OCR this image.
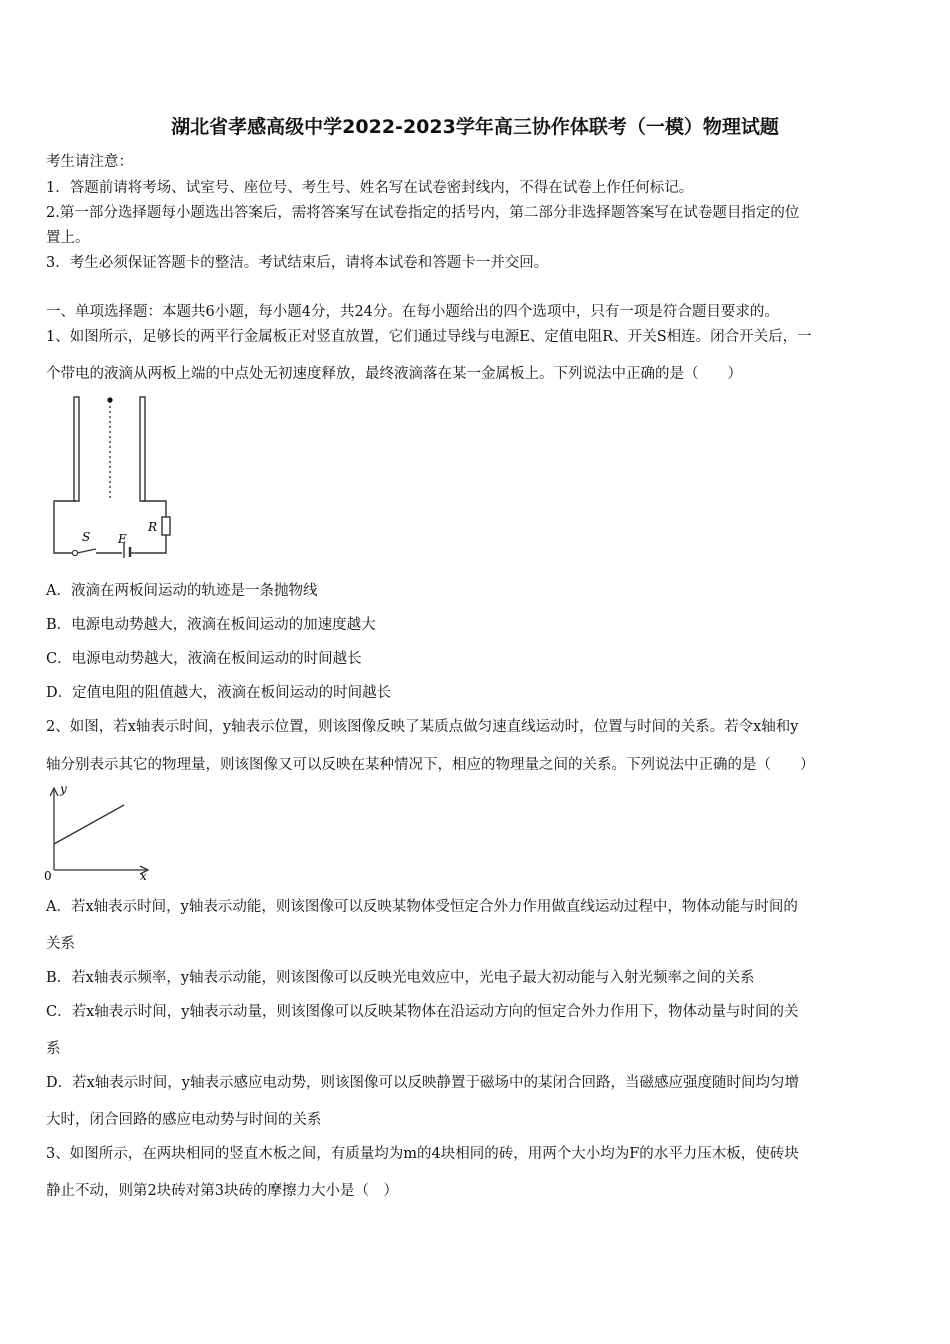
湖北省孝感高级中学2022-2023学年高三协作体联考（一模）物理试题
考生请注意：
1．答题前请将考场、试室号、座位号、考生号、姓名写在试卷密封线内，不得在试卷上作任何标记。
2.第一部分选择题每小题选出答案后，需将答案写在试卷指定的括号内，第二部分非选择题答案写在试卷题目指定的位
置上。
3．考生必须保证答题卡的整洁。考试结束后，请将本试卷和答题卡一并交回。
一、单项选择题：本题共6小题，每小题4分，共24分。在每小题给出的四个选项中，只有一项是符合题目要求的。
1、如图所示，足够长的两平行金属板正对竖直放置，它们通过导线与电源E、定值电阻R、开关S相连。闭合开关后，一
个带电的液滴从两板上端的中点处无初速度释放，最终液滴落在某一金属板上。下列说法中正确的是（　　）
S E
R
A．液滴在两板间运动的轨迹是一条抛物线
B．电源电动势越大，液滴在板间运动的加速度越大
C．电源电动势越大，液滴在板间运动的时间越长
D．定值电阻的阻值越大，液滴在板间运动的时间越长
2、如图，若x轴表示时间，y轴表示位置，则该图像反映了某质点做匀速直线运动时，位置与时间的关系。若令x轴和y
轴分别表示其它的物理量，则该图像又可以反映在某种情况下，相应的物理量之间的关系。下列说法中正确的是（　　）
y
x
0
A．若x轴表示时间，y轴表示动能，则该图像可以反映某物体受恒定合外力作用做直线运动过程中，物体动能与时间的
关系
B．若x轴表示频率，y轴表示动能，则该图像可以反映光电效应中，光电子最大初动能与入射光频率之间的关系
C．若x轴表示时间，y轴表示动量，则该图像可以反映某物体在沿运动方向的恒定合外力作用下，物体动量与时间的关
系
D．若x轴表示时间，y轴表示感应电动势，则该图像可以反映静置于磁场中的某闭合回路，当磁感应强度随时间均匀增
大时，闭合回路的感应电动势与时间的关系
3、如图所示，在两块相同的竖直木板之间，有质量均为m的4块相同的砖，用两个大小均为F的水平力压木板，使砖块
静止不动，则第2块砖对第3块砖的摩擦力大小是（　）
